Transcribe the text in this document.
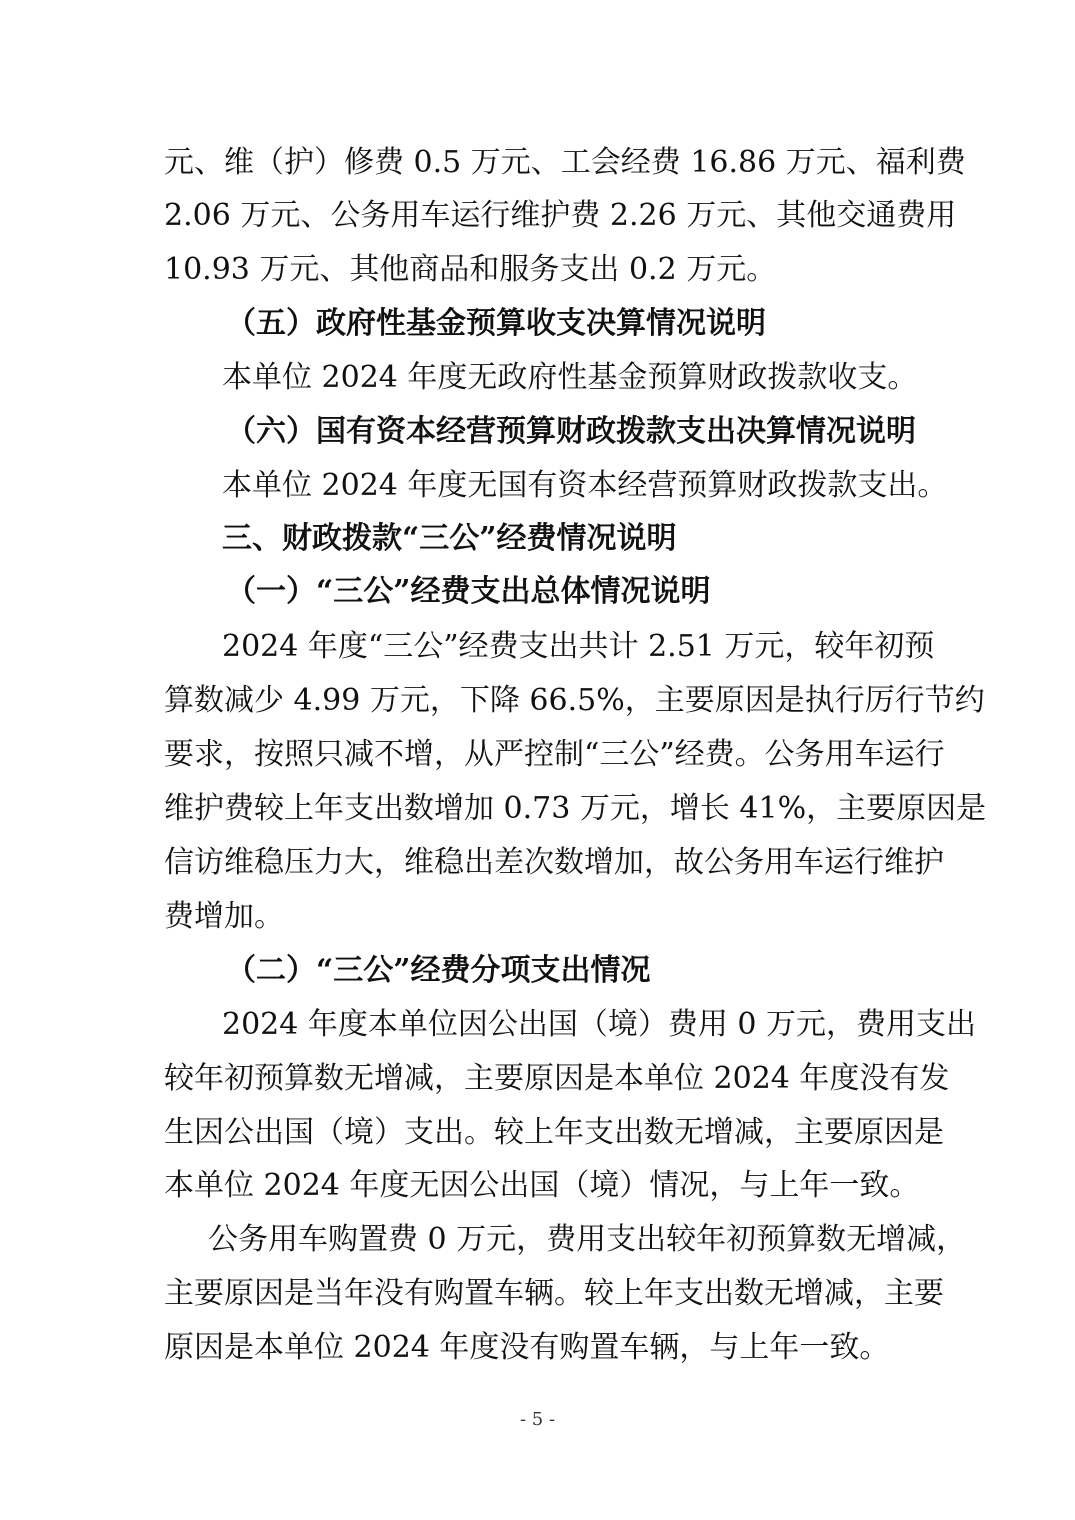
元、维（护）修费 0.5 万元、工会经费 16.86 万元、福利费
2.06 万元、公务用车运行维护费 2.26 万元、其他交通费用
10.93 万元、其他商品和服务支出 0.2 万元。
（五）政府性基金预算收支决算情况说明
本单位 2024 年度无政府性基金预算财政拨款收支。
（六）国有资本经营预算财政拨款支出决算情况说明
本单位 2024 年度无国有资本经营预算财政拨款支出。
三、财政拨款“三公”经费情况说明
（一）“三公”经费支出总体情况说明
2024 年度“三公”经费支出共计 2.51 万元，较年初预
算数减少 4.99 万元，下降 66.5%，主要原因是执行厉行节约
要求，按照只减不增，从严控制“三公”经费。公务用车运行
维护费较上年支出数增加 0.73 万元，增长 41%，主要原因是
信访维稳压力大，维稳出差次数增加，故公务用车运行维护
费增加。
（二）“三公”经费分项支出情况
2024 年度本单位因公出国（境）费用 0 万元，费用支出
较年初预算数无增减，主要原因是本单位 2024 年度没有发
生因公出国（境）支出。较上年支出数无增减，主要原因是
本单位 2024 年度无因公出国（境）情况，与上年一致。
公务用车购置费 0 万元，费用支出较年初预算数无增减，
主要原因是当年没有购置车辆。较上年支出数无增减，主要
原因是本单位 2024 年度没有购置车辆，与上年一致。
- 5 -
